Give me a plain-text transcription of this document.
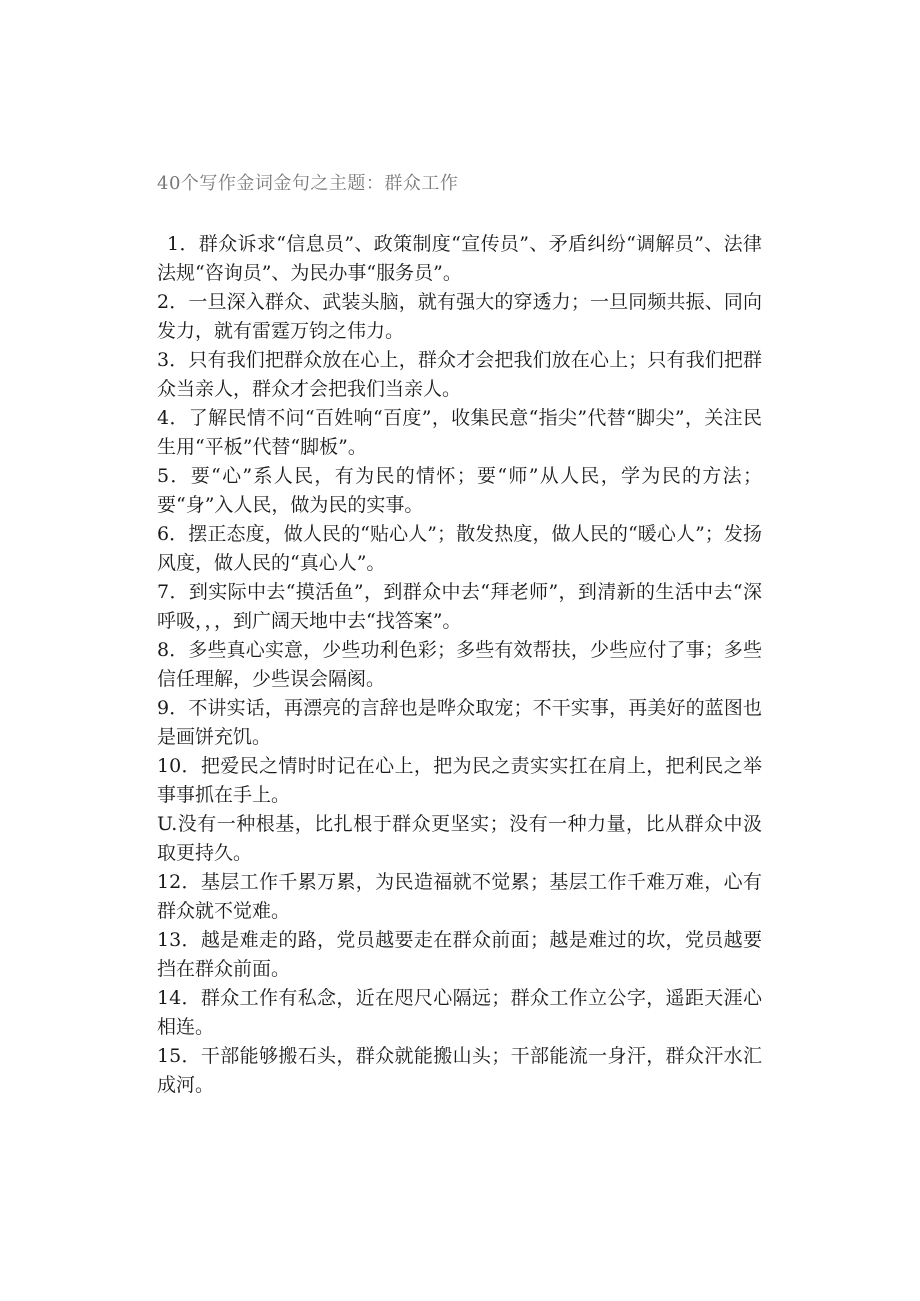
40个写作金词金句之主题：群众工作
1．群众诉求“信息员”、政策制度“宣传员”、矛盾纠纷“调解员”、法律法规“咨询员”、为民办事“服务员”。
2．一旦深入群众、武装头脑，就有强大的穿透力；一旦同频共振、同向发力，就有雷霆万钧之伟力。
3．只有我们把群众放在心上，群众才会把我们放在心上；只有我们把群众当亲人，群众才会把我们当亲人。
4．了解民情不问“百姓响“百度”，收集民意“指尖”代替“脚尖”，关注民生用“平板”代替“脚板”。
5．要“心”系人民，有为民的情怀；要“师”从人民，学为民的方法；要“身”入人民，做为民的实事。
6．摆正态度，做人民的“贴心人”；散发热度，做人民的“暖心人”；发扬风度，做人民的“真心人”。
7．到实际中去“摸活鱼”，到群众中去“拜老师”，到清新的生活中去“深呼吸，，，到广阔天地中去“找答案”。
8．多些真心实意，少些功利色彩；多些有效帮扶，少些应付了事；多些信任理解，少些误会隔阂。
9．不讲实话，再漂亮的言辞也是哗众取宠；不干实事，再美好的蓝图也是画饼充饥。
10．把爱民之情时时记在心上，把为民之责实实扛在肩上，把利民之举事事抓在手上。
U.没有一种根基，比扎根于群众更坚实；没有一种力量，比从群众中汲取更持久。
12．基层工作千累万累，为民造福就不觉累；基层工作千难万难，心有群众就不觉难。
13．越是难走的路，党员越要走在群众前面；越是难过的坎，党员越要挡在群众前面。
14．群众工作有私念，近在咫尺心隔远；群众工作立公字，遥距天涯心相连。
15．干部能够搬石头，群众就能搬山头；干部能流一身汗，群众汗水汇成河。
